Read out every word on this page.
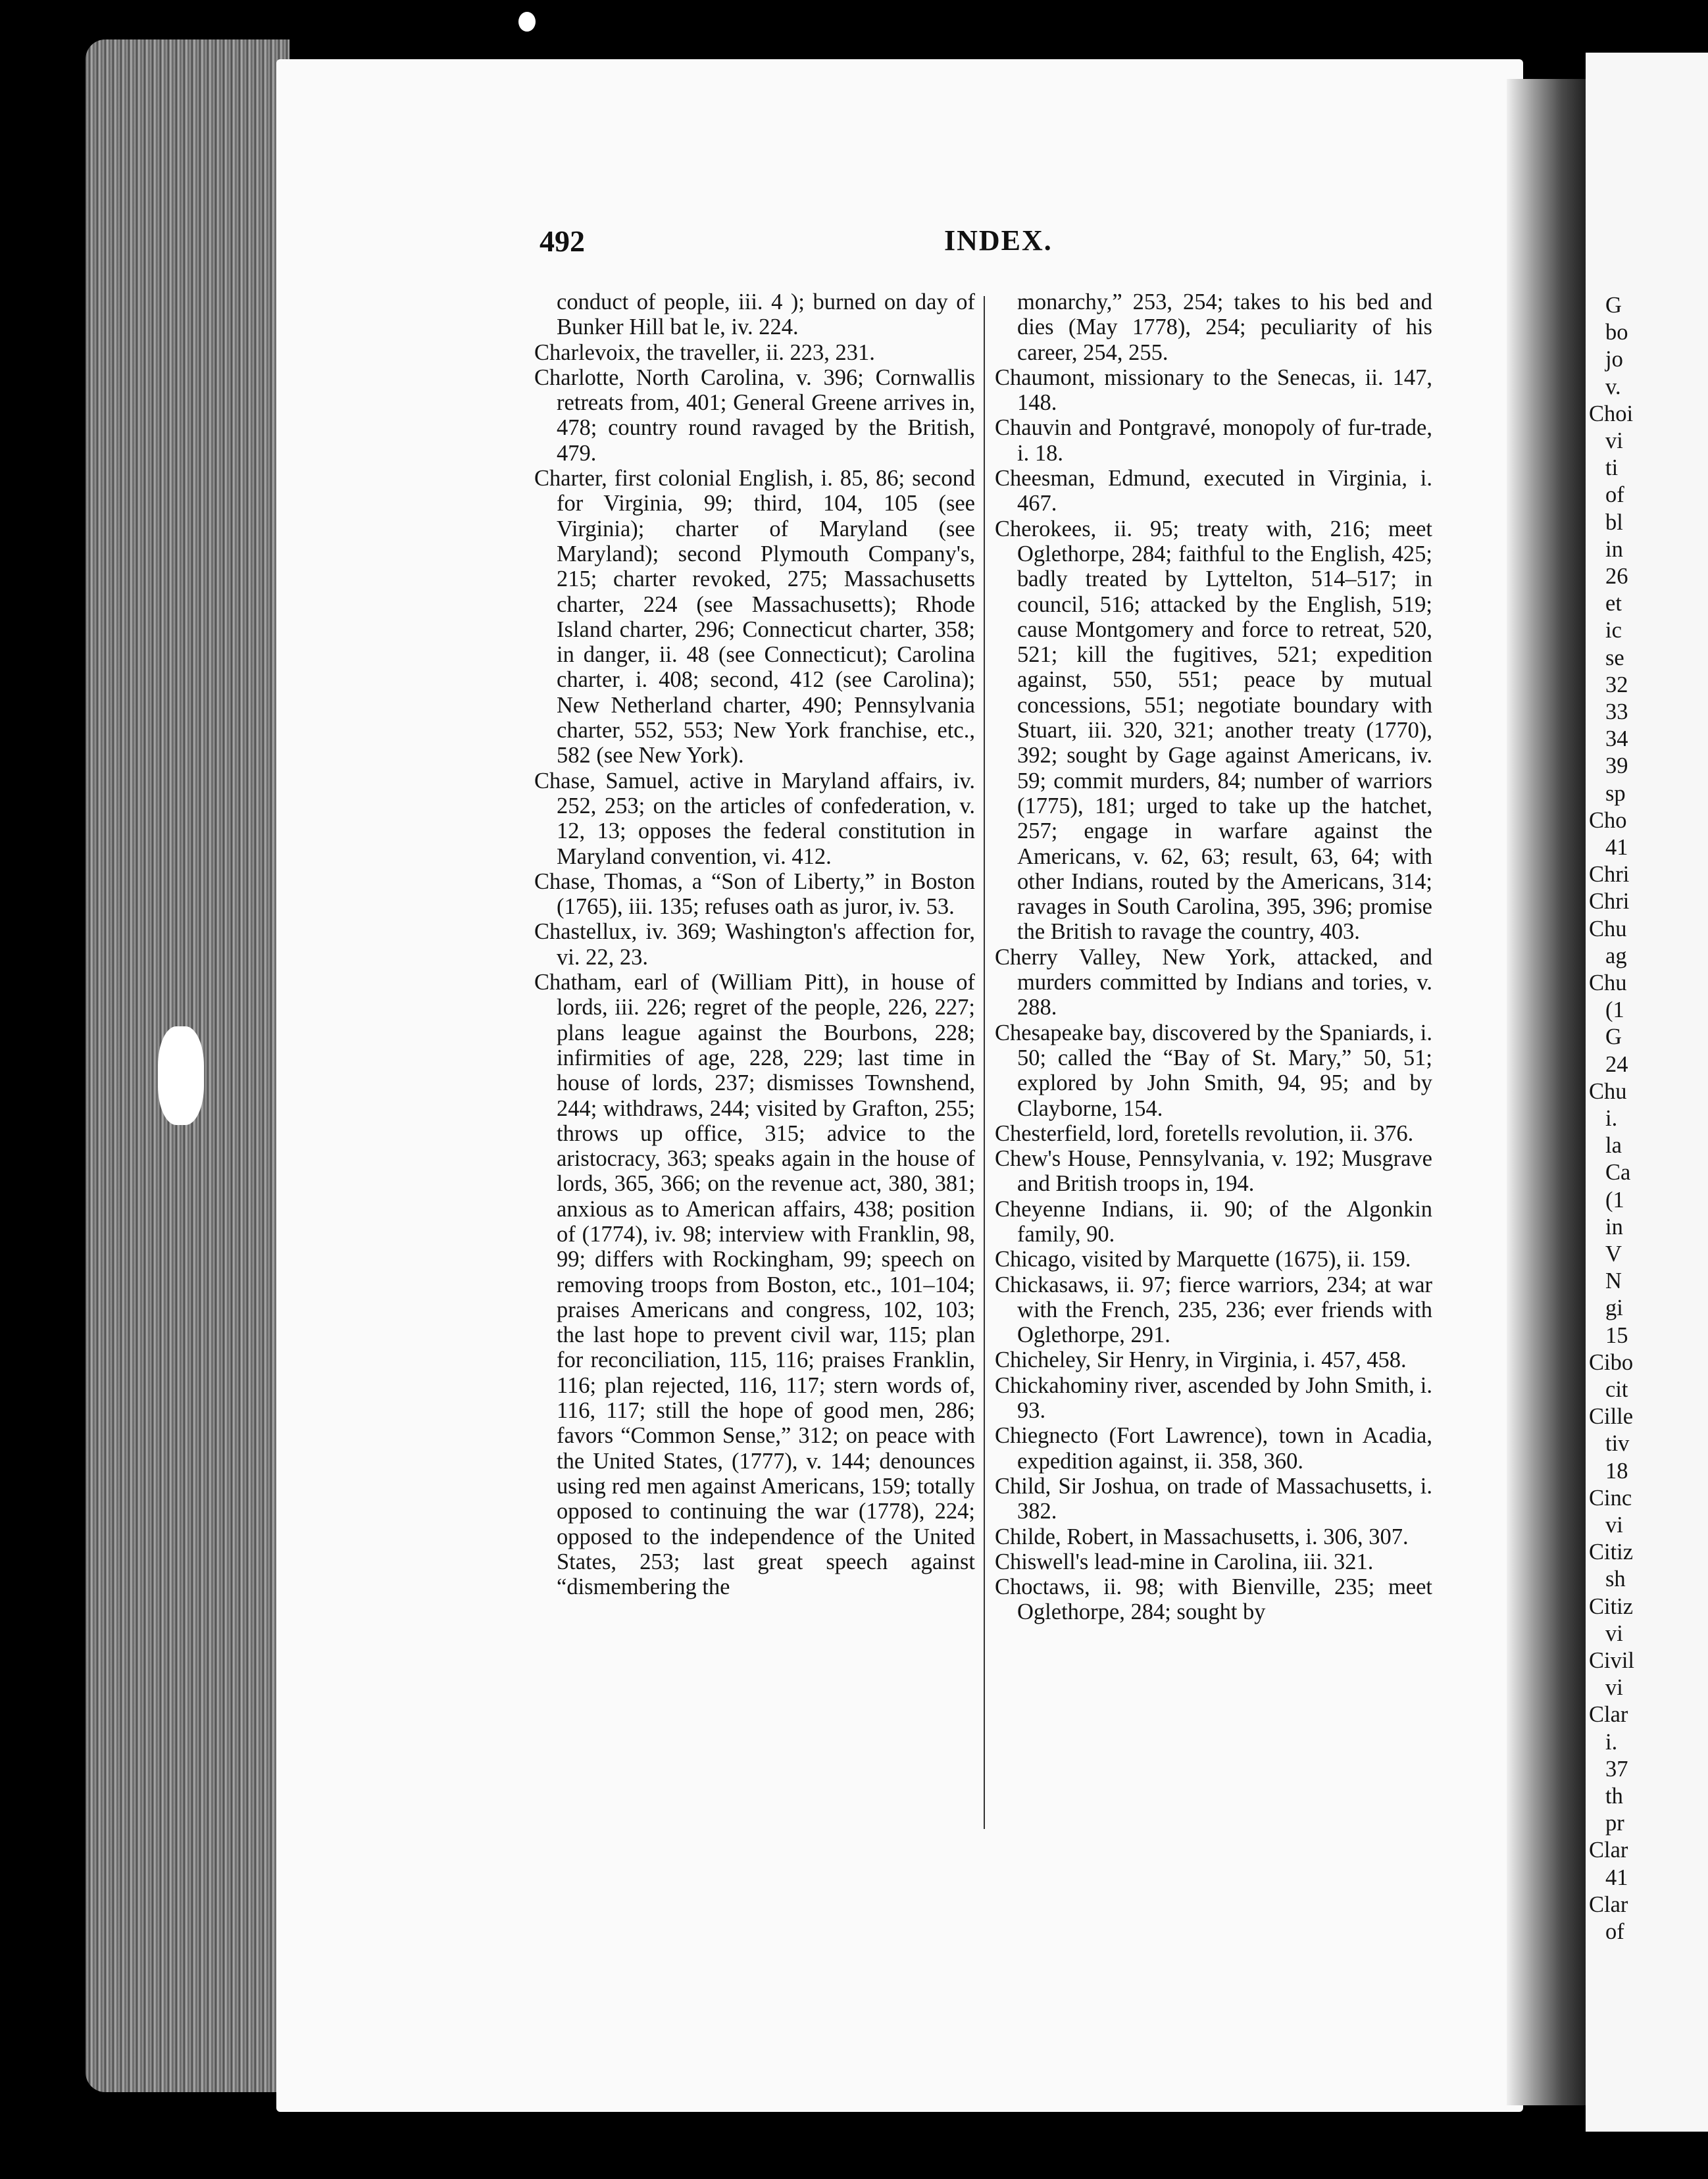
G
bo
jo
v.
Choi
vi
ti
of
bl
in
26
et
ic
se
32
33
34
39
sp
Cho
41
Chri
Chri
Chu
ag
Chu
(1
G
24
Chu
i.
la
Ca
(1
in
V
N
gi
15
Cibo
cit
Cille
tiv
18
Cinc
vi
Citiz
sh
Citiz
vi
Civil
vi
Clar
i.
37
th
pr
Clar
41
Clar
of
492	INDEX.

conduct of people, iii. 4 ); burned on day of Bunker Hill bat le, iv. 224.

Charlevoix, the traveller, ii. 223, 231.

Charlotte, North Carolina, v. 396; Cornwallis retreats from, 401; General Greene arrives in, 478; country round ravaged by the British, 479.

Charter, first colonial English, i. 85, 86; second for Virginia, 99; third, 104, 105 (see Virginia); charter of Maryland (see Maryland); second Plymouth Company's, 215; charter revoked, 275; Massachusetts charter, 224 (see Massachusetts); Rhode Island charter, 296; Connecticut charter, 358; in danger, ii. 48 (see Connecticut); Carolina charter, i. 408; second, 412 (see Carolina); New Netherland charter, 490; Pennsylvania charter, 552, 553; New York franchise, etc., 582 (see New York).

Chase, Samuel, active in Maryland affairs, iv. 252, 253; on the articles of confederation, v. 12, 13; opposes the federal constitution in Maryland convention, vi. 412.

Chase, Thomas, a “Son of Liberty,” in Boston (1765), iii. 135; refuses oath as juror, iv. 53.

Chastellux, iv. 369; Washington's affection for, vi. 22, 23.

Chatham, earl of (William Pitt), in house of lords, iii. 226; regret of the people, 226, 227; plans league against the Bourbons, 228; infirmities of age, 228, 229; last time in house of lords, 237; dismisses Townshend, 244; withdraws, 244; visited by Grafton, 255; throws up office, 315; advice to the aristocracy, 363; speaks again in the house of lords, 365, 366; on the revenue act, 380, 381; anxious as to American affairs, 438; position of (1774), iv. 98; interview with Franklin, 98, 99; differs with Rockingham, 99; speech on removing troops from Boston, etc., 101–104; praises Americans and congress, 102, 103; the last hope to prevent civil war, 115; plan for reconciliation, 115, 116; praises Franklin, 116; plan rejected, 116, 117; stern words of, 116, 117; still the hope of good men, 286; favors “Common Sense,” 312; on peace with the United States, (1777), v. 144; denounces using red men against Americans, 159; totally opposed to continuing the war (1778), 224; opposed to the independence of the United States, 253; last great speech against “dismembering the

monarchy,” 253, 254; takes to his bed and dies (May 1778), 254; peculiarity of his career, 254, 255.

Chaumont, missionary to the Senecas, ii. 147, 148.

Chauvin and Pontgravé, monopoly of fur-trade, i. 18.

Cheesman, Edmund, executed in Virginia, i. 467.

Cherokees, ii. 95; treaty with, 216; meet Oglethorpe, 284; faithful to the English, 425; badly treated by Lyttelton, 514–517; in council, 516; attacked by the English, 519; cause Montgomery and force to retreat, 520, 521; kill the fugitives, 521; expedition against, 550, 551; peace by mutual concessions, 551; negotiate boundary with Stuart, iii. 320, 321; another treaty (1770), 392; sought by Gage against Americans, iv. 59; commit murders, 84; number of warriors (1775), 181; urged to take up the hatchet, 257; engage in warfare against the Americans, v. 62, 63; result, 63, 64; with other Indians, routed by the Americans, 314; ravages in South Carolina, 395, 396; promise the British to ravage the country, 403.

Cherry Valley, New York, attacked, and murders committed by Indians and tories, v. 288.

Chesapeake bay, discovered by the Spaniards, i. 50; called the “Bay of St. Mary,” 50, 51; explored by John Smith, 94, 95; and by Clayborne, 154.

Chesterfield, lord, foretells revolution, ii. 376.

Chew's House, Pennsylvania, v. 192; Musgrave and British troops in, 194.

Cheyenne Indians, ii. 90; of the Algonkin family, 90.

Chicago, visited by Marquette (1675), ii. 159.

Chickasaws, ii. 97; fierce warriors, 234; at war with the French, 235, 236; ever friends with Oglethorpe, 291.

Chicheley, Sir Henry, in Virginia, i. 457, 458.

Chickahominy river, ascended by John Smith, i. 93.

Chiegnecto (Fort Lawrence), town in Acadia, expedition against, ii. 358, 360.

Child, Sir Joshua, on trade of Massachusetts, i. 382.

Childe, Robert, in Massachusetts, i. 306, 307.

Chiswell's lead-mine in Carolina, iii. 321.

Choctaws, ii. 98; with Bienville, 235; meet Oglethorpe, 284; sought by
